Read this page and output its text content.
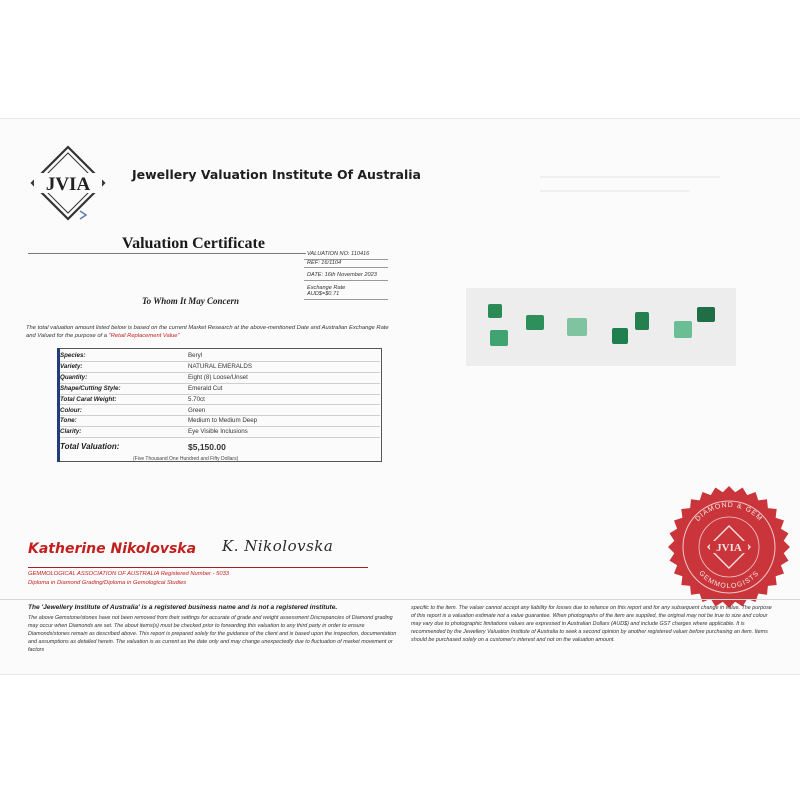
JVIA	Jewellery Valuation Institute Of Australia
Valuation Certificate
VALUATION NO: 110416
REF: 16/1104
DATE: 16th November 2023
Exchange Rate
AUD$=$0.71
To Whom It May Concern
The total valuation amount listed below is based on the current Market Research at the above-mentioned Date and Australian Exchange Rate and Valued for the purpose of a "Retail Replacement Value"
Species:	Beryl
Variety:	NATURAL EMERALDS
Quantity:	Eight (8) Loose/Unset
Shape/Cutting Style:	Emerald Cut
Total Carat Weight:	5.70ct
Colour:	Green
Tone:	Medium to Medium Deep
Clarity:	Eye Visible Inclusions
Total Valuation:	$5,150.00
(Five Thousand One Hundred and Fifty Dollars)
Katherine Nikolovska K. Nikolovska
GEMMOLOGICAL ASSOCIATION OF AUSTRALIA Registered Number - 5033
Diploma in Diamond Grading/Diploma in Gemological Studies
DIAMOND & GEM
GEMMOLOGISTS
JVIA
The 'Jewellery Institute of Australia' is a registered business name and is not a registered institute.
The above Gemstone/stones have not been removed from their settings for accurate of grade and weight assessment Discrepancies of Diamond grading may occur when Diamonds are set. The about items(s) must be checked prior to forwarding this valuation to any third party in order to ensure Diamonds/stones remain as described above. This report is prepared solely for the guidance of the client and is based upon the inspection, documentation and assumptions as detailed herein. The valuation is as current as the date only and may change unexpectedly due to fluctuation of market movement or factors
specific to the item. The valuer cannot accept any liability for losses due to reliance on this report and for any subsequent change in value. The purpose of this report is a valuation estimate not a value guarantee. When photographs of the item are supplied, the original may not be true to size and colour may vary due to photographic limitations values are expressed in Australian Dollars (AUD$) and include GST charges where applicable. It is recommended by the Jewellery Valuation Institute of Australia to seek a second opinion by another registered valuer before purchasing an item. Items should be purchased solely on a customer's interest and not on the valuation amount.
